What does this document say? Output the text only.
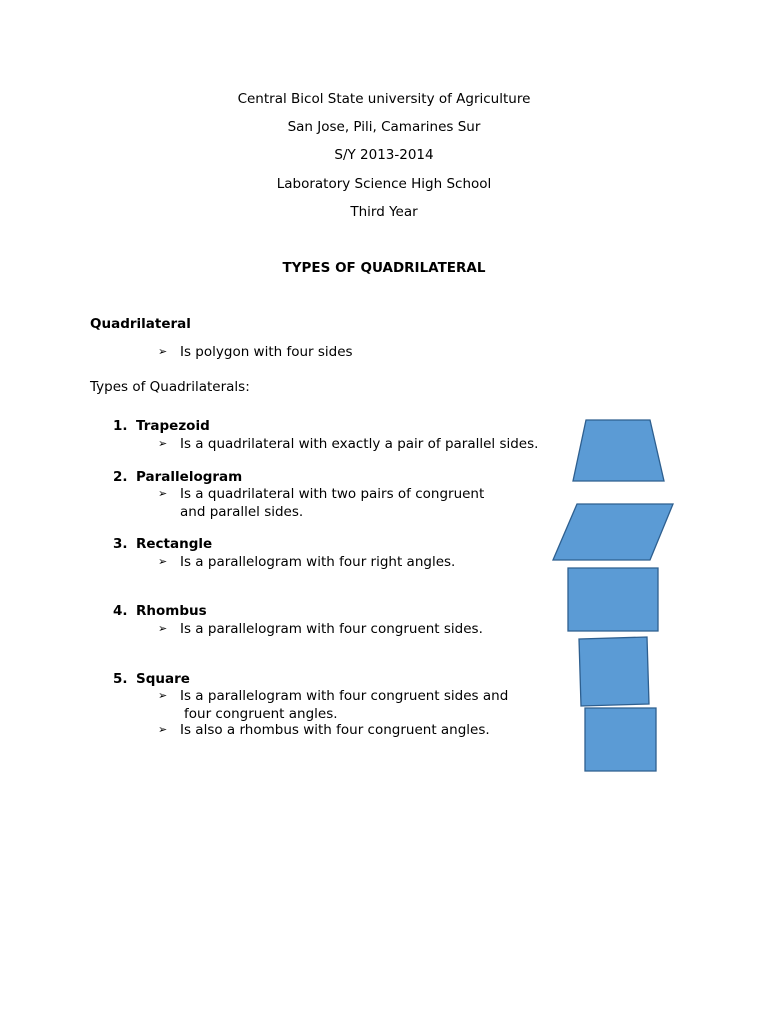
Central Bicol State university of Agriculture
San Jose, Pili, Camarines Sur
S/Y 2013-2014
Laboratory Science High School
Third Year
TYPES OF QUADRILATERAL
Quadrilateral
➢ Is polygon with four sides
Types of Quadrilaterals:
1. Trapezoid
➢ Is a quadrilateral with exactly a pair of parallel sides.
2. Parallelogram
➢ Is a quadrilateral with two pairs of congruent
and parallel sides.
3. Rectangle
➢ Is a parallelogram with four right angles.
4. Rhombus
➢ Is a parallelogram with four congruent sides.
5. Square
➢ Is a parallelogram with four congruent sides and
four congruent angles.
➢ Is also a rhombus with four congruent angles.
